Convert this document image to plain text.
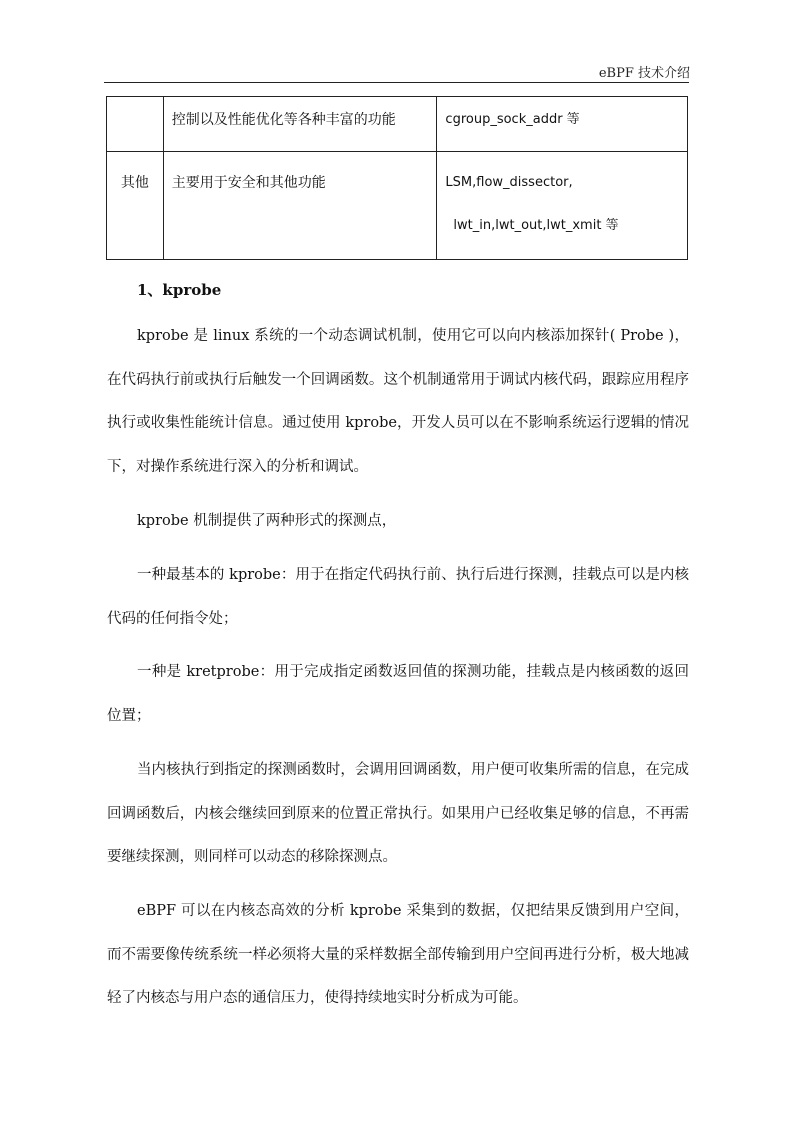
eBPF 技术介绍

	控制以及性能优化等各种丰富的功能	cgroup_sock_addr 等

其他	主要用于安全和其他功能	LSM,flow_dissector,
lwt_in,lwt_out,lwt_xmit 等
1、kprobe

kprobe 是 linux 系统的一个动态调试机制，使用它可以向内核添加探针( Probe )，在代码执行前或执行后触发一个回调函数。这个机制通常用于调试内核代码，跟踪应用程序执行或收集性能统计信息。通过使用 kprobe，开发人员可以在不影响系统运行逻辑的情况下，对操作系统进行深入的分析和调试。

kprobe 机制提供了两种形式的探测点，

一种最基本的 kprobe：用于在指定代码执行前、执行后进行探测，挂载点可以是内核代码的任何指令处；

一种是 kretprobe：用于完成指定函数返回值的探测功能，挂载点是内核函数的返回位置；

当内核执行到指定的探测函数时，会调用回调函数，用户便可收集所需的信息，在完成回调函数后，内核会继续回到原来的位置正常执行。如果用户已经收集足够的信息，不再需要继续探测，则同样可以动态的移除探测点。

eBPF 可以在内核态高效的分析 kprobe 采集到的数据，仅把结果反馈到用户空间，而不需要像传统系统一样必须将大量的采样数据全部传输到用户空间再进行分析，极大地减轻了内核态与用户态的通信压力，使得持续地实时分析成为可能。
